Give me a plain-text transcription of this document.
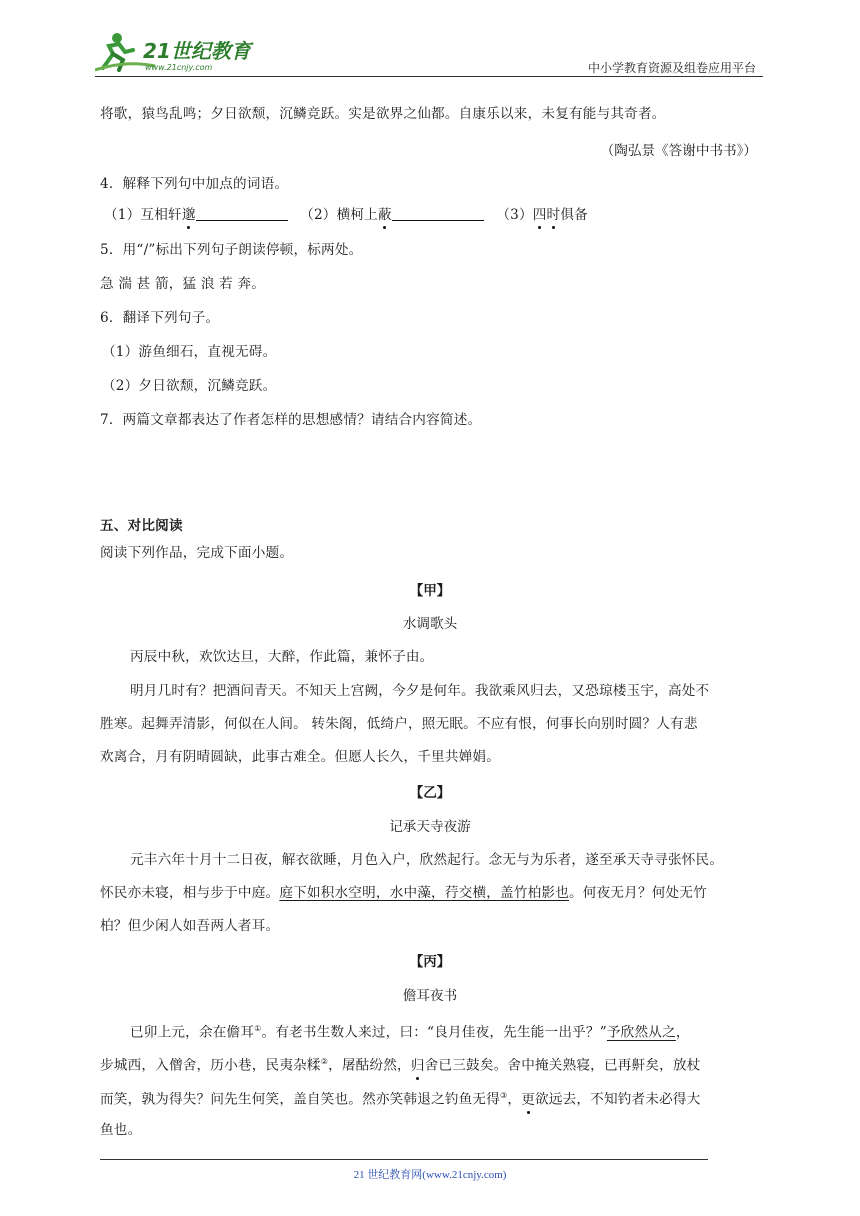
21世纪教育
www.21cnjy.com	中小学教育资源及组卷应用平台
将歌，猿鸟乱鸣；夕日欲颓，沉鳞竞跃。实是欲界之仙都。自康乐以来，未复有能与其奇者。
（陶弘景《答谢中书书》）
4．解释下列句中加点的词语。
（1）互相轩邈	（2）横柯上蔽	（3）四时俱备
5．用“/”标出下列句子朗读停顿，标两处。
急 湍 甚 箭，猛 浪 若 奔。
6．翻译下列句子。
（1）游鱼细石，直视无碍。
（2）夕日欲颓，沉鳞竞跃。
7．两篇文章都表达了作者怎样的思想感情？请结合内容简述。
五、对比阅读
阅读下列作品，完成下面小题。
【甲】
水调歌头
丙辰中秋，欢饮达旦，大醉，作此篇，兼怀子由。
明月几时有？把酒问青天。不知天上宫阙，今夕是何年。我欲乘风归去，又恐琼楼玉宇，高处不
胜寒。起舞弄清影，何似在人间。 转朱阁，低绮户，照无眠。不应有恨，何事长向别时圆？人有悲
欢离合，月有阴晴圆缺，此事古难全。但愿人长久，千里共婵娟。
【乙】
记承天寺夜游
元丰六年十月十二日夜，解衣欲睡，月色入户，欣然起行。念无与为乐者，遂至承天寺寻张怀民。
怀民亦未寝，相与步于中庭。庭下如积水空明，水中藻，荇交横，盖竹柏影也。何夜无月？何处无竹
柏？但少闲人如吾两人者耳。
【丙】
儋耳夜书
已卯上元，余在儋耳①。有老书生数人来过，曰：“良月佳夜，先生能一出乎？”予欣然从之，
步城西，入僧舍，历小巷，民夷杂糅②，屠酤纷然，归舍已三鼓矣。舍中掩关熟寝，已再鼾矣，放杖
而笑，孰为得失？问先生何笑，盖自笑也。然亦笑韩退之钓鱼无得③，更欲远去，不知钓者未必得大
鱼也。
21 世纪教育网(www.21cnjy.com)
